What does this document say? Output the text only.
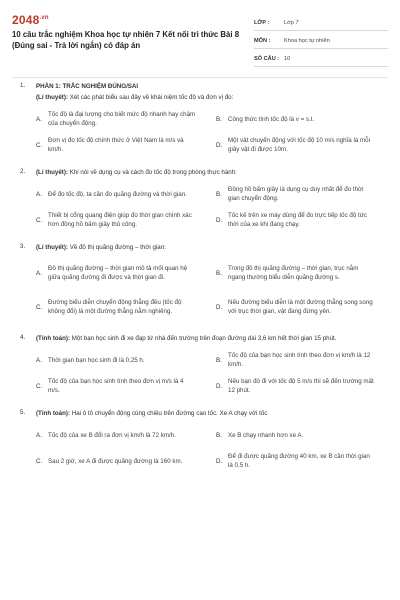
$2048^{.vn}$
10 câu trắc nghiệm Khoa học tự nhiên 7 Kết nối tri thức Bài 8 (Đúng sai - Trả lời ngắn) có đáp án
LỚP :	Lớp 7
MÔN :	Khoa học tự nhiên
SỐ CÂU : 10
1. PHẦN 1: TRẮC NGHIỆM ĐÚNG/SAI
(Lí thuyết): Xét các phát biểu sau đây về khái niệm tốc độ và đơn vị đo:
A.
Tốc độ là đại lượng cho biết mức độ nhanh hay chậm của chuyển động.
B. Công thức tính tốc độ là v = s.t.
C.
Đơn vị đo tốc độ chính thức ở Việt Nam là m/s và km/h.
D.
Một vật chuyển động với tốc độ 10 m/s nghĩa là mỗi giây vật đi được 10m.
2. (Lí thuyết): Khi nói về dụng cụ và cách đo tốc độ trong phòng thực hành:
A. Để đo tốc độ, ta cần đo quãng đường và thời gian.	B.
Đồng hồ bấm giây là dụng cụ duy nhất để đo thời gian chuyển động.
C.
Thiết bị cổng quang điện giúp đo thời gian chính xác hơn đồng hồ bấm giây thủ công.
D.
Tốc kế trên xe máy dùng để đo trực tiếp tốc độ tức thời của xe khi đang chạy.
3. (Lí thuyết): Về đồ thị quãng đường – thời gian:
A.
Đồ thị quãng đường – thời gian mô tả mối quan hệ giữa quãng đường đi được và thời gian đi.
B.
Trong đồ thị quãng đường – thời gian, trục nằm ngang thường biểu diễn quãng đường s.
C.
Đường biểu diễn chuyển động thẳng đều (tốc độ không đổi) là một đường thẳng nằm nghiêng.
D.
Nếu đường biểu diễn là một đường thẳng song song với trục thời gian, vật đang đứng yên.
4. (Tính toán): Một bạn học sinh đi xe đạp từ nhà đến trường trên đoạn đường dài 3,6 km hết thời gian 15 phút.
A. Thời gian bạn học sinh đi là 0,25 h.	B.
Tốc độ của bạn học sinh tính theo đơn vị km/h là 12 km/h.
C.
Tốc độ của bạn học sinh tính theo đơn vị m/s là 4 m/s.
D.
Nếu bạn đó đi với tốc độ 5 m/s thì sẽ đến trường mất 12 phút.
5. (Tính toán): Hai ô tô chuyển động cùng chiều trên đường cao tốc. Xe A chạy với tốc
A. Tốc độ của xe B đổi ra đơn vị km/h là 72 km/h.	B. Xe B chạy nhanh hơn xe A.
C. Sau 2 giờ, xe A đi được quãng đường là 160 km.	D.
Để đi được quãng đường 40 km, xe B cần thời gian là 0,5 h.
